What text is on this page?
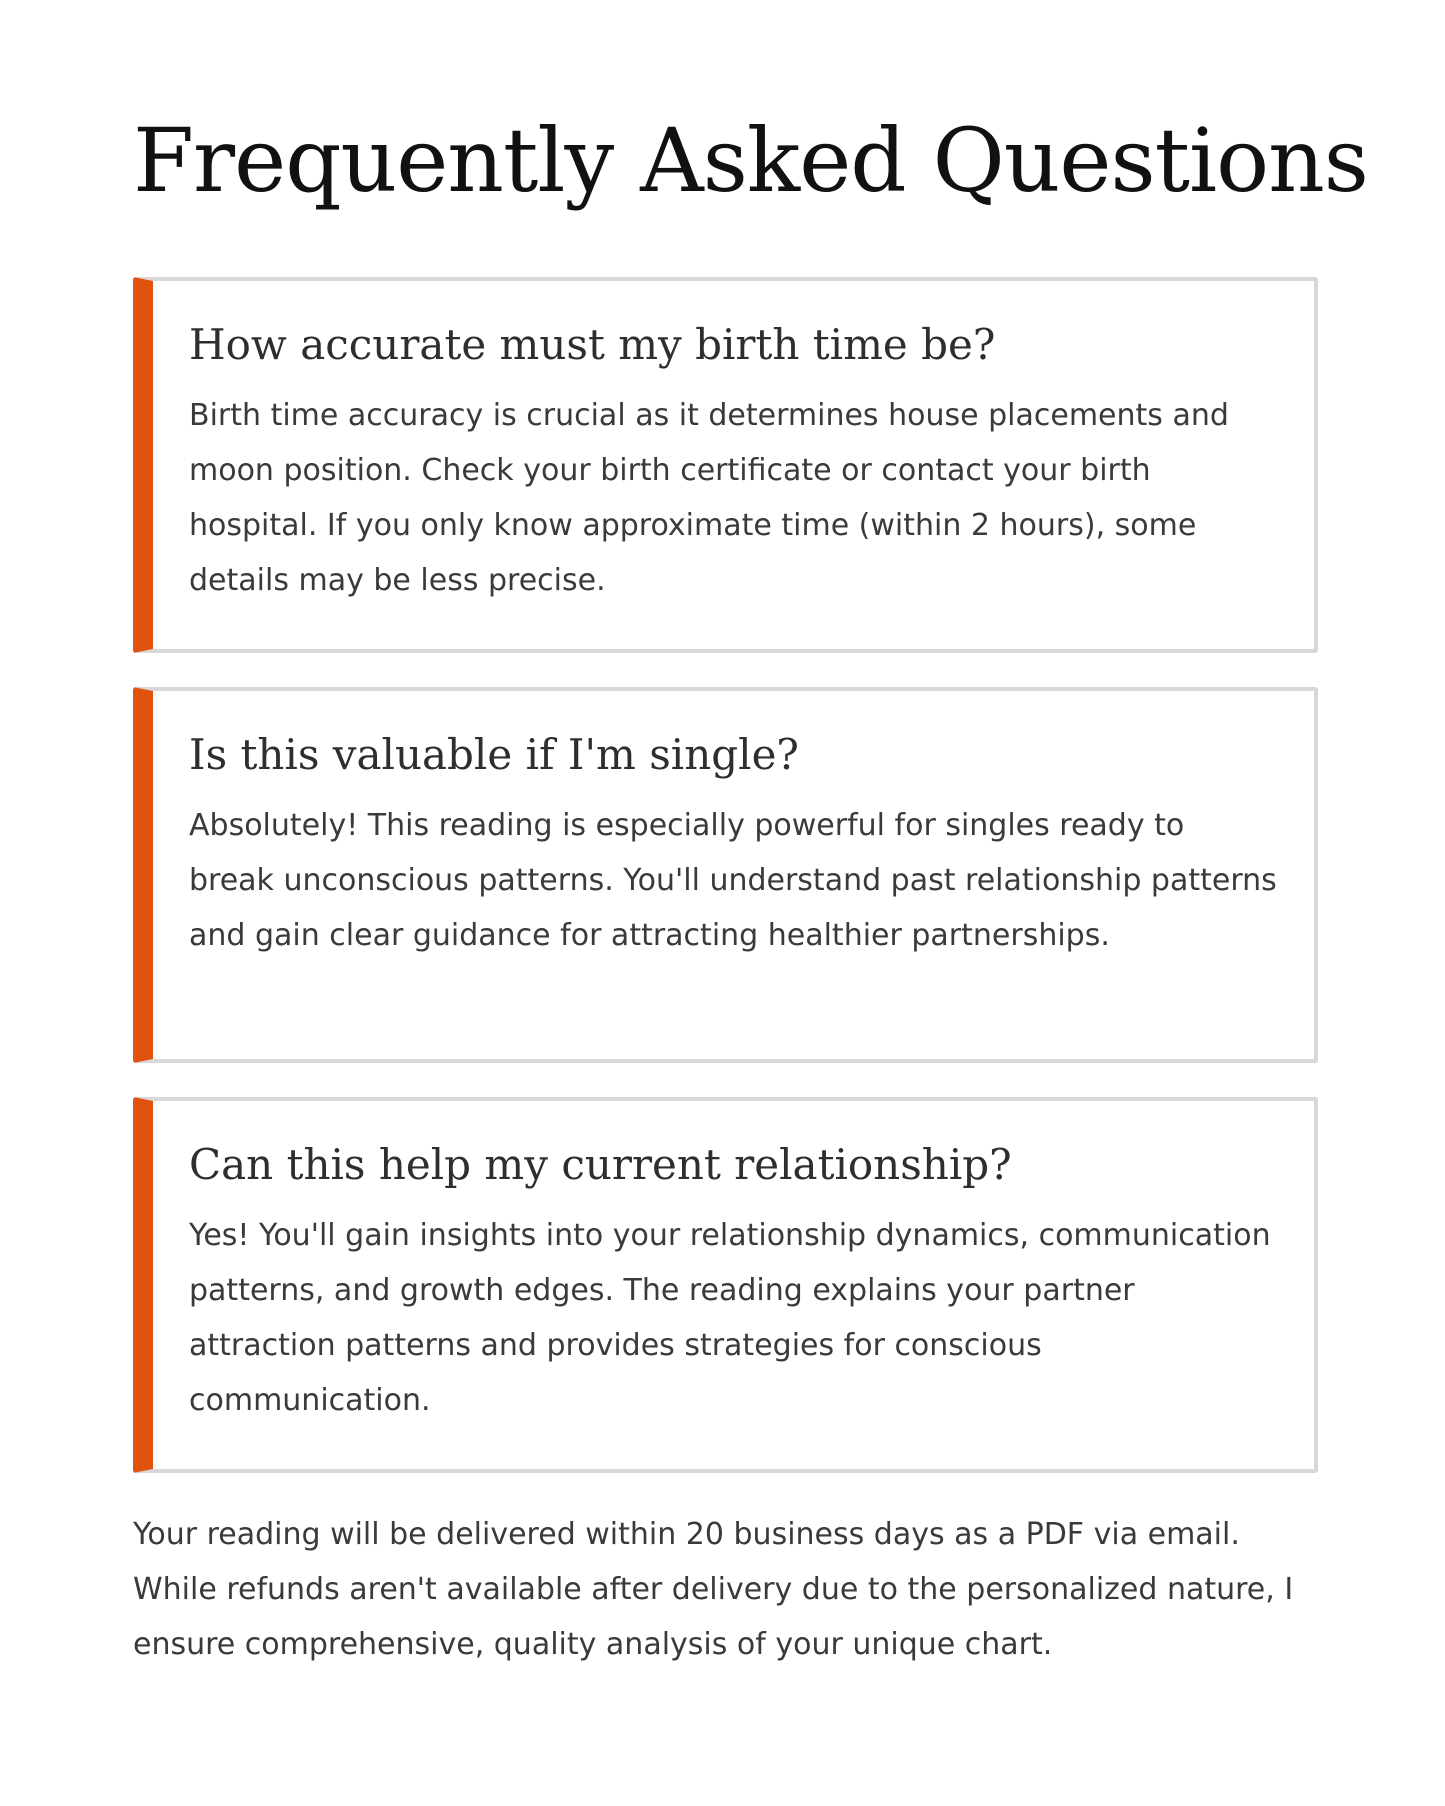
Frequently Asked Questions
How accurate must my birth time be?

Birth time accuracy is crucial as it determines house placements and moon position. Check your birth certificate or contact your birth hospital. If you only know approximate time (within 2 hours), some details may be less precise.

Is this valuable if I'm single?

Absolutely! This reading is especially powerful for singles ready to break unconscious patterns. You'll understand past relationship patterns and gain clear guidance for attracting healthier partnerships.

Can this help my current relationship?

Yes! You'll gain insights into your relationship dynamics, communication patterns, and growth edges. The reading explains your partner attraction patterns and provides strategies for conscious communication.

Your reading will be delivered within 20 business days as a PDF via email. While refunds aren't available after delivery due to the personalized nature, I ensure comprehensive, quality analysis of your unique chart.
